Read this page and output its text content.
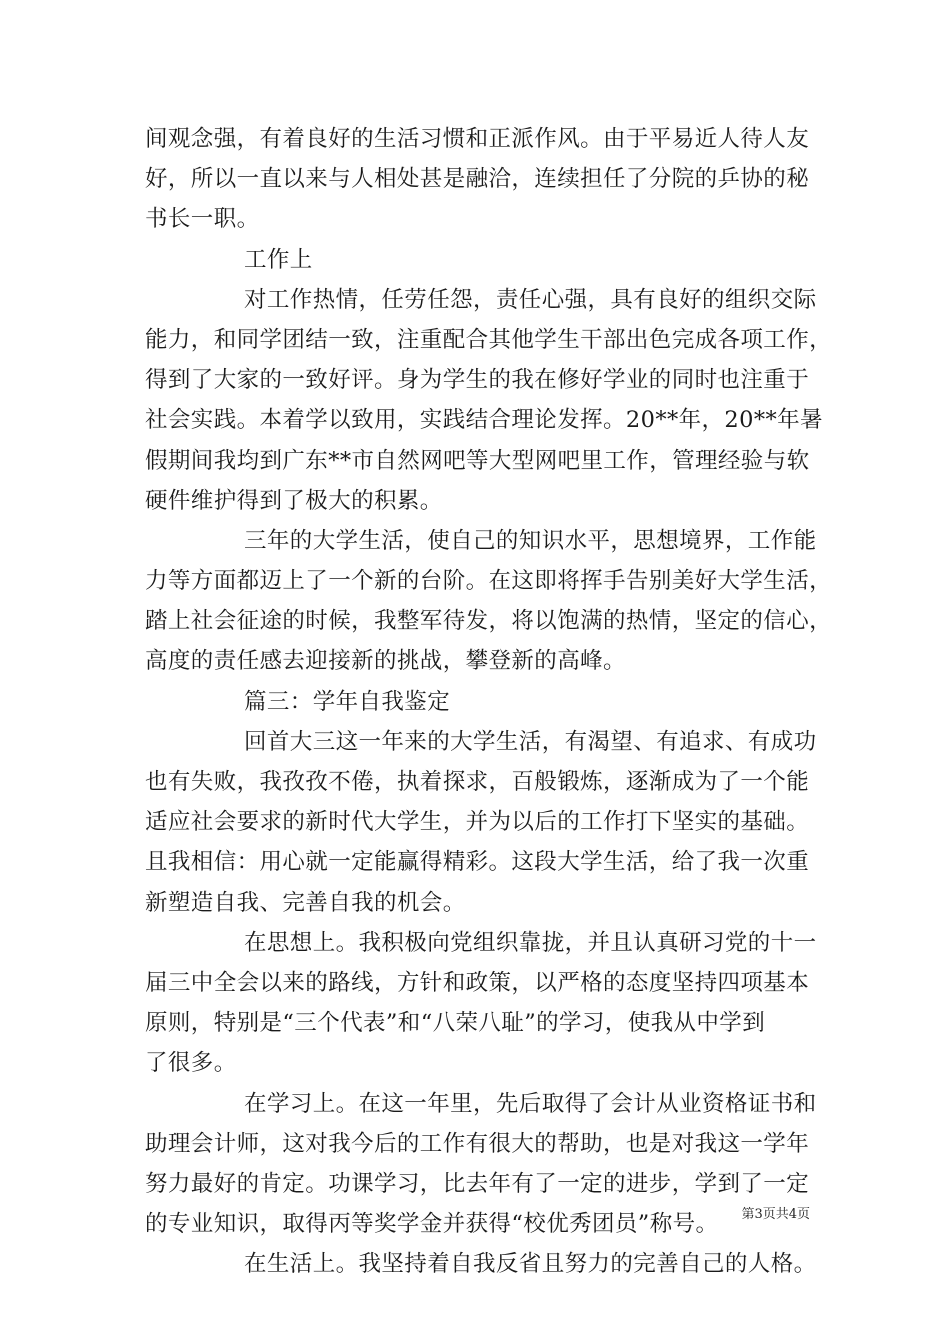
间观念强，有着良好的生活习惯和正派作风。由于平易近人待人友
好，所以一直以来与人相处甚是融洽，连续担任了分院的乒协的秘
书长一职。
工作上
对工作热情，任劳任怨，责任心强，具有良好的组织交际
能力，和同学团结一致，注重配合其他学生干部出色完成各项工作，
得到了大家的一致好评。身为学生的我在修好学业的同时也注重于
社会实践。本着学以致用，实践结合理论发挥。20**年，20**年暑
假期间我均到广东**市自然网吧等大型网吧里工作，管理经验与软
硬件维护得到了极大的积累。
三年的大学生活，使自己的知识水平，思想境界，工作能
力等方面都迈上了一个新的台阶。在这即将挥手告别美好大学生活，
踏上社会征途的时候，我整军待发，将以饱满的热情，坚定的信心，
高度的责任感去迎接新的挑战，攀登新的高峰。
篇三：学年自我鉴定
回首大三这一年来的大学生活，有渴望、有追求、有成功
也有失败，我孜孜不倦，执着探求，百般锻炼，逐渐成为了一个能
适应社会要求的新时代大学生，并为以后的工作打下坚实的基础。
且我相信：用心就一定能赢得精彩。这段大学生活，给了我一次重
新塑造自我、完善自我的机会。
在思想上。我积极向党组织靠拢，并且认真研习党的十一
届三中全会以来的路线，方针和政策，以严格的态度坚持四项基本
原则，特别是“三个代表”和“八荣八耻”的学习，使我从中学到
了很多。
在学习上。在这一年里，先后取得了会计从业资格证书和
助理会计师，这对我今后的工作有很大的帮助，也是对我这一学年
努力最好的肯定。功课学习，比去年有了一定的进步，学到了一定
的专业知识，取得丙等奖学金并获得“校优秀团员”称号。
在生活上。我坚持着自我反省且努力的完善自己的人格。
第3页共4页
